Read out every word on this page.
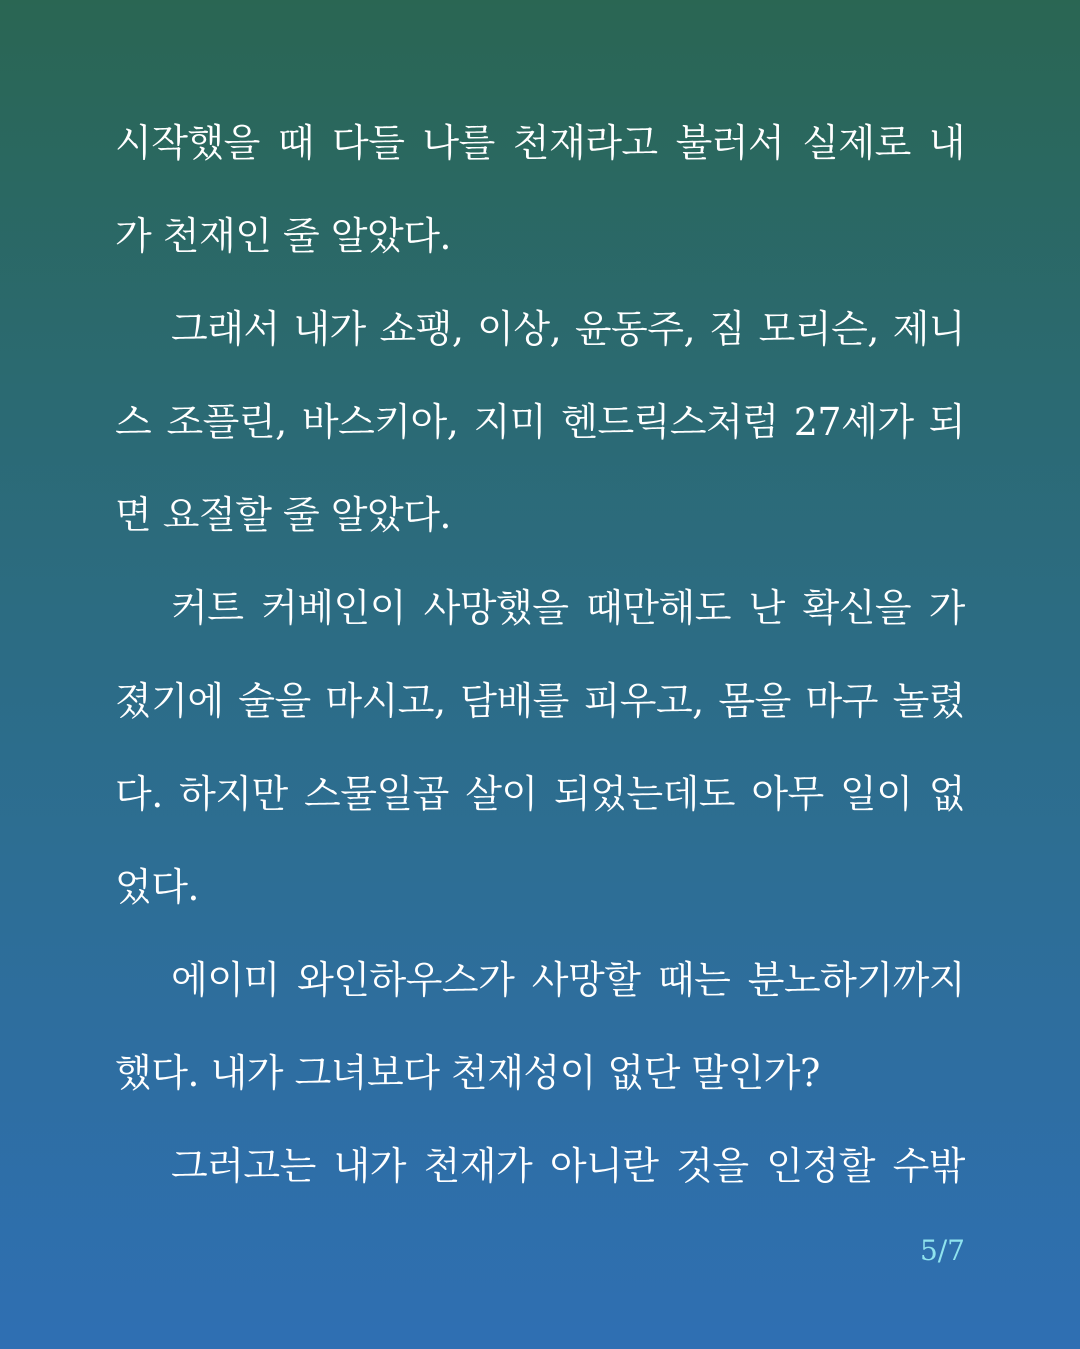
시작했을 때 다들 나를 천재라고 불러서 실제로 내
가 천재인 줄 알았다.
그래서 내가 쇼팽, 이상, 윤동주, 짐 모리슨, 제니
스 조플린, 바스키아, 지미 헨드릭스처럼 27세가 되
면 요절할 줄 알았다.
커트 커베인이 사망했을 때만해도 난 확신을 가
졌기에 술을 마시고, 담배를 피우고, 몸을 마구 놀렸
다. 하지만 스물일곱 살이 되었는데도 아무 일이 없
었다.
에이미 와인하우스가 사망할 때는 분노하기까지
했다. 내가 그녀보다 천재성이 없단 말인가?
그러고는 내가 천재가 아니란 것을 인정할 수밖
5/7
